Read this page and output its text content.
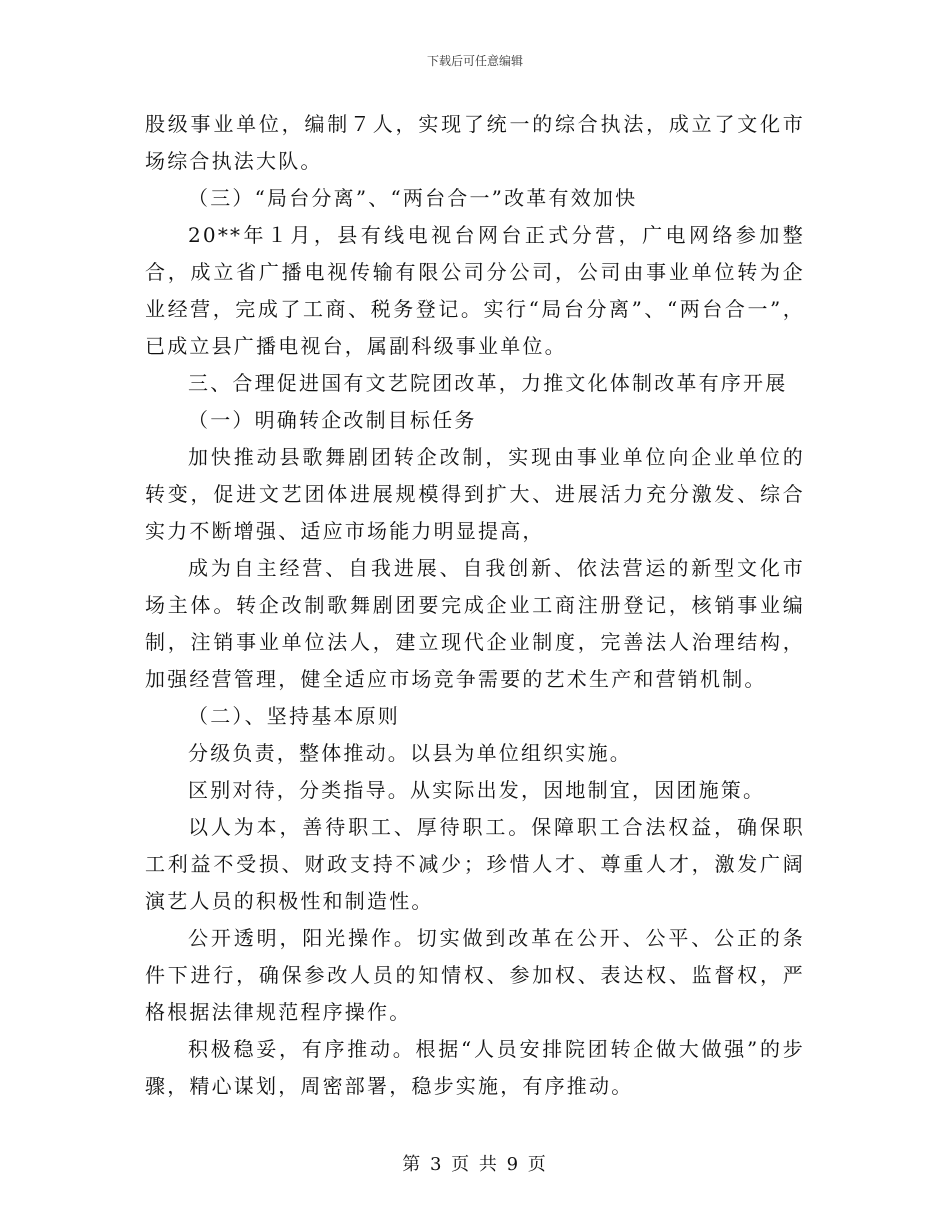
下载后可任意编辑

股级事业单位，编制７人，实现了统一的综合执法，成立了文化市场综合执法大队。

（三）“局台分离”、“两台合一”改革有效加快

20**年１月，县有线电视台网台正式分营，广电网络参加整合，成立省广播电视传输有限公司分公司，公司由事业单位转为企业经营，完成了工商、税务登记。实行“局台分离”、“两台合一”，已成立县广播电视台，属副科级事业单位。

三、合理促进国有文艺院团改革，力推文化体制改革有序开展

（一）明确转企改制目标任务

加快推动县歌舞剧团转企改制，实现由事业单位向企业单位的转变，促进文艺团体进展规模得到扩大、进展活力充分激发、综合实力不断增强、适应市场能力明显提高，

成为自主经营、自我进展、自我创新、依法营运的新型文化市场主体。转企改制歌舞剧团要完成企业工商注册登记，核销事业编制，注销事业单位法人，建立现代企业制度，完善法人治理结构，加强经营管理，健全适应市场竞争需要的艺术生产和营销机制。

（二）、坚持基本原则

分级负责，整体推动。以县为单位组织实施。

区别对待，分类指导。从实际出发，因地制宜，因团施策。

以人为本，善待职工、厚待职工。保障职工合法权益，确保职工利益不受损、财政支持不减少；珍惜人才、尊重人才，激发广阔演艺人员的积极性和制造性。

公开透明，阳光操作。切实做到改革在公开、公平、公正的条件下进行，确保参改人员的知情权、参加权、表达权、监督权，严格根据法律规范程序操作。

积极稳妥，有序推动。根据“人员安排院团转企做大做强”的步骤，精心谋划，周密部署，稳步实施，有序推动。

第 3 页 共 9 页
